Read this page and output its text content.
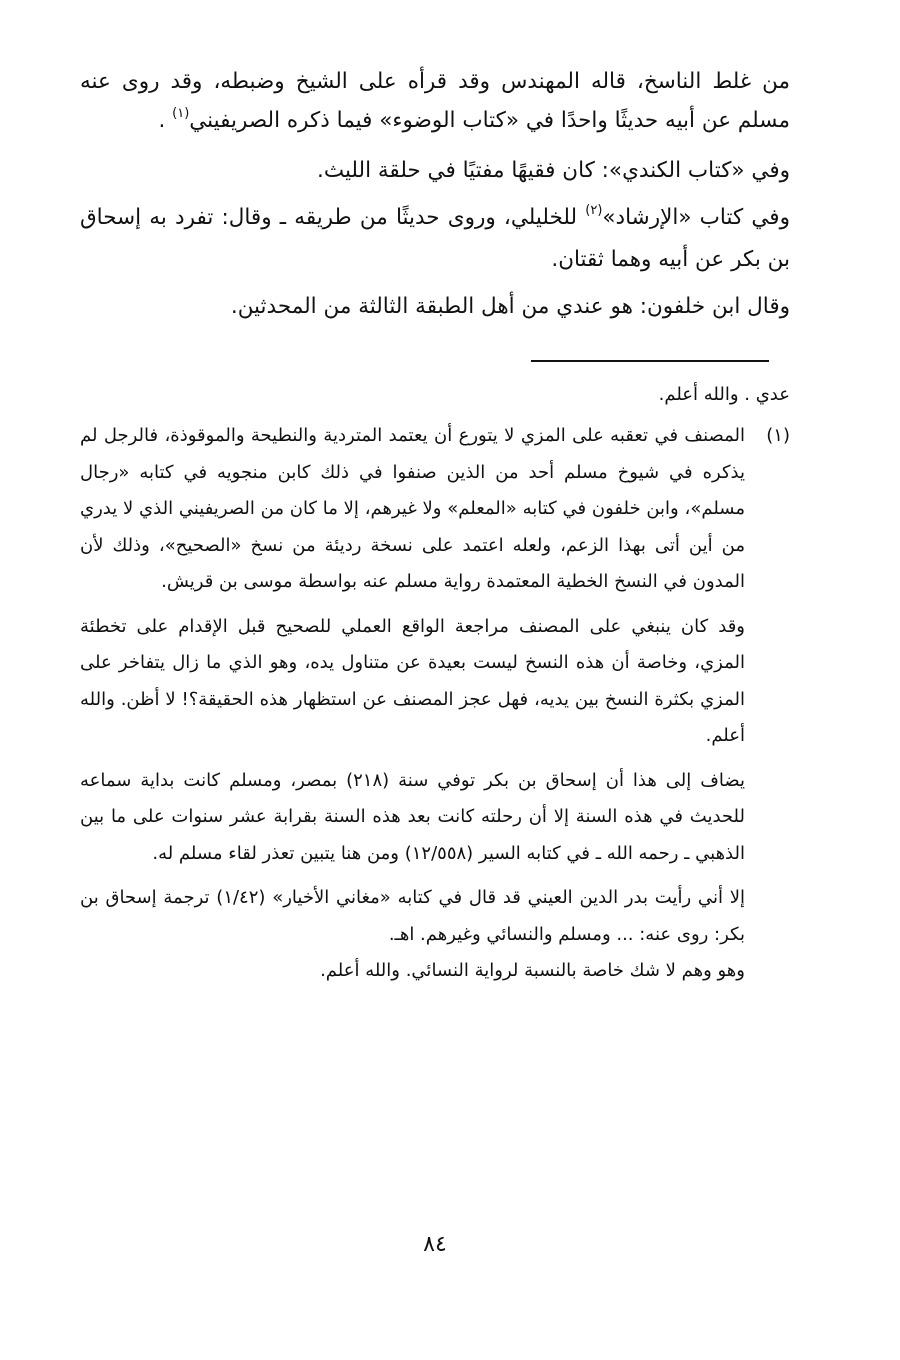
من غلط الناسخ، قاله المهندس وقد قرأه على الشيخ وضبطه، وقد روى عنه مسلم عن أبيه حديثًا واحدًا في «كتاب الوضوء» فيما ذكره الصريفيني$^{(١)}$ .

وفي «كتاب الكندي»: كان فقيهًا مفتيًا في حلقة الليث.

وفي كتاب «الإرشاد»$^{(٢)}$ للخليلي، وروى حديثًا من طريقه ـ وقال: تفرد به إسحاق بن بكر عن أبيه وهما ثقتان.

وقال ابن خلفون: هو عندي من أهل الطبقة الثالثة من المحدثين.

عدي . والله أعلم.

(١)
المصنف في تعقبه على المزي لا يتورع أن يعتمد المتردية والنطيحة والموقوذة، فالرجل لم يذكره في شيوخ مسلم أحد من الذين صنفوا في ذلك كابن منجويه في كتابه «رجال مسلم»، وابن خلفون في كتابه «المعلم» ولا غيرهم، إلا ما كان من الصريفيني الذي لا يدري من أين أتى بهذا الزعم، ولعله اعتمد على نسخة رديئة من نسخ «الصحيح»، وذلك لأن المدون في النسخ الخطية المعتمدة رواية مسلم عنه بواسطة موسى بن قريش.

وقد كان ينبغي على المصنف مراجعة الواقع العملي للصحيح قبل الإقدام على تخطئة المزي، وخاصة أن هذه النسخ ليست بعيدة عن متناول يده، وهو الذي ما زال يتفاخر على المزي بكثرة النسخ بين يديه، فهل عجز المصنف عن استظهار هذه الحقيقة؟! لا أظن. والله أعلم.

يضاف إلى هذا أن إسحاق بن بكر توفي سنة (٢١٨) بمصر، ومسلم كانت بداية سماعه للحديث في هذه السنة إلا أن رحلته كانت بعد هذه السنة بقرابة عشر سنوات على ما بين الذهبي ـ رحمه الله ـ في كتابه السير (١٢/٥٥٨) ومن هنا يتبين تعذر لقاء مسلم له.

إلا أني رأيت بدر الدين العيني قد قال في كتابه «مغاني الأخيار» (١/٤٢) ترجمة إسحاق بن بكر: روى عنه: ... ومسلم والنسائي وغيرهم. اهـ.

وهو وهم لا شك خاصة بالنسبة لرواية النسائي. والله أعلم.

٨٤
